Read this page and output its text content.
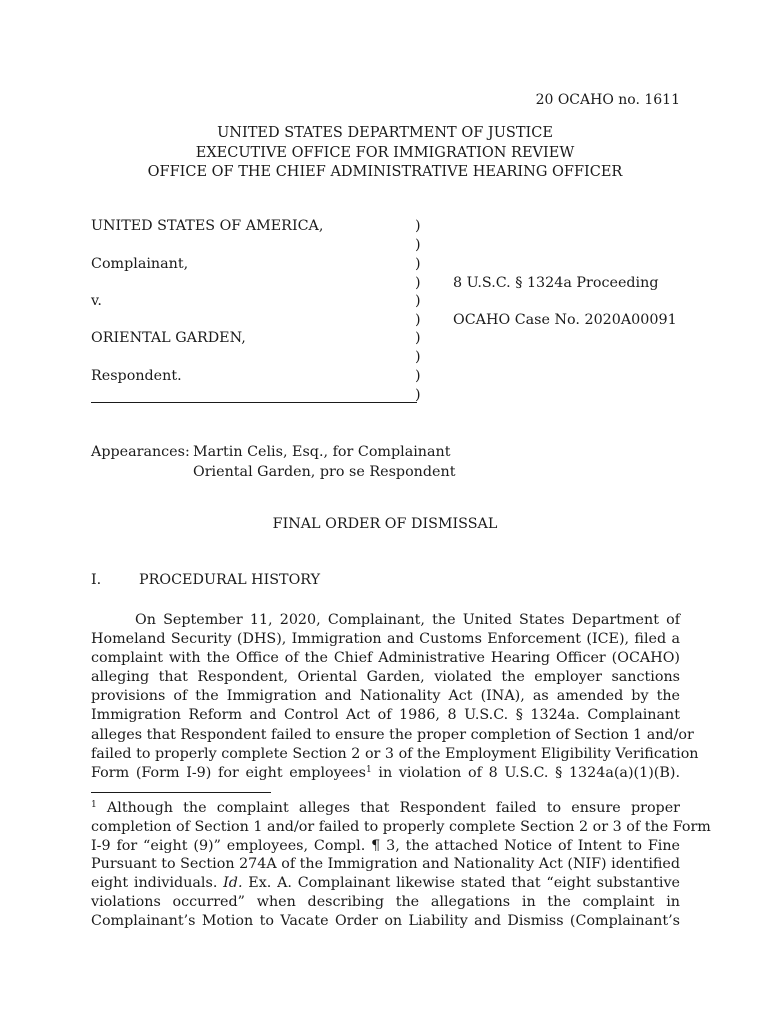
20 OCAHO no. 1611
UNITED STATES DEPARTMENT OF JUSTICE
EXECUTIVE OFFICE FOR IMMIGRATION REVIEW
OFFICE OF THE CHIEF ADMINISTRATIVE HEARING OFFICER
UNITED STATES OF AMERICA,
Complainant,
v.
ORIENTAL GARDEN,
Respondent.
)
)
)
)
)
)
)
)
)
)
8 U.S.C. § 1324a Proceeding
OCAHO Case No. 2020A00091
Appearances: Martin Celis, Esq., for Complainant
Oriental Garden, pro se Respondent
FINAL ORDER OF DISMISSAL
I.	PROCEDURAL HISTORY
On September 11, 2020, Complainant, the United States Department of
Homeland Security (DHS), Immigration and Customs Enforcement (ICE), filed a
complaint with the Office of the Chief Administrative Hearing Officer (OCAHO)
alleging that Respondent, Oriental Garden, violated the employer sanctions
provisions of the Immigration and Nationality Act (INA), as amended by the
Immigration Reform and Control Act of 1986, 8 U.S.C. § 1324a. Complainant
alleges that Respondent failed to ensure the proper completion of Section 1 and/or
failed to properly complete Section 2 or 3 of the Employment Eligibility Verification
Form (Form I-9) for eight employees$^1$ in violation of 8 U.S.C. § 1324a(a)(1)(B).
$^1$ Although the complaint alleges that Respondent failed to ensure proper
completion of Section 1 and/or failed to properly complete Section 2 or 3 of the Form
I-9 for “eight (9)” employees, Compl. ¶ 3, the attached Notice of Intent to Fine
Pursuant to Section 274A of the Immigration and Nationality Act (NIF) identified
eight individuals. Id. Ex. A. Complainant likewise stated that “eight substantive
violations occurred” when describing the allegations in the complaint in
Complainant’s Motion to Vacate Order on Liability and Dismiss (Complainant’s
